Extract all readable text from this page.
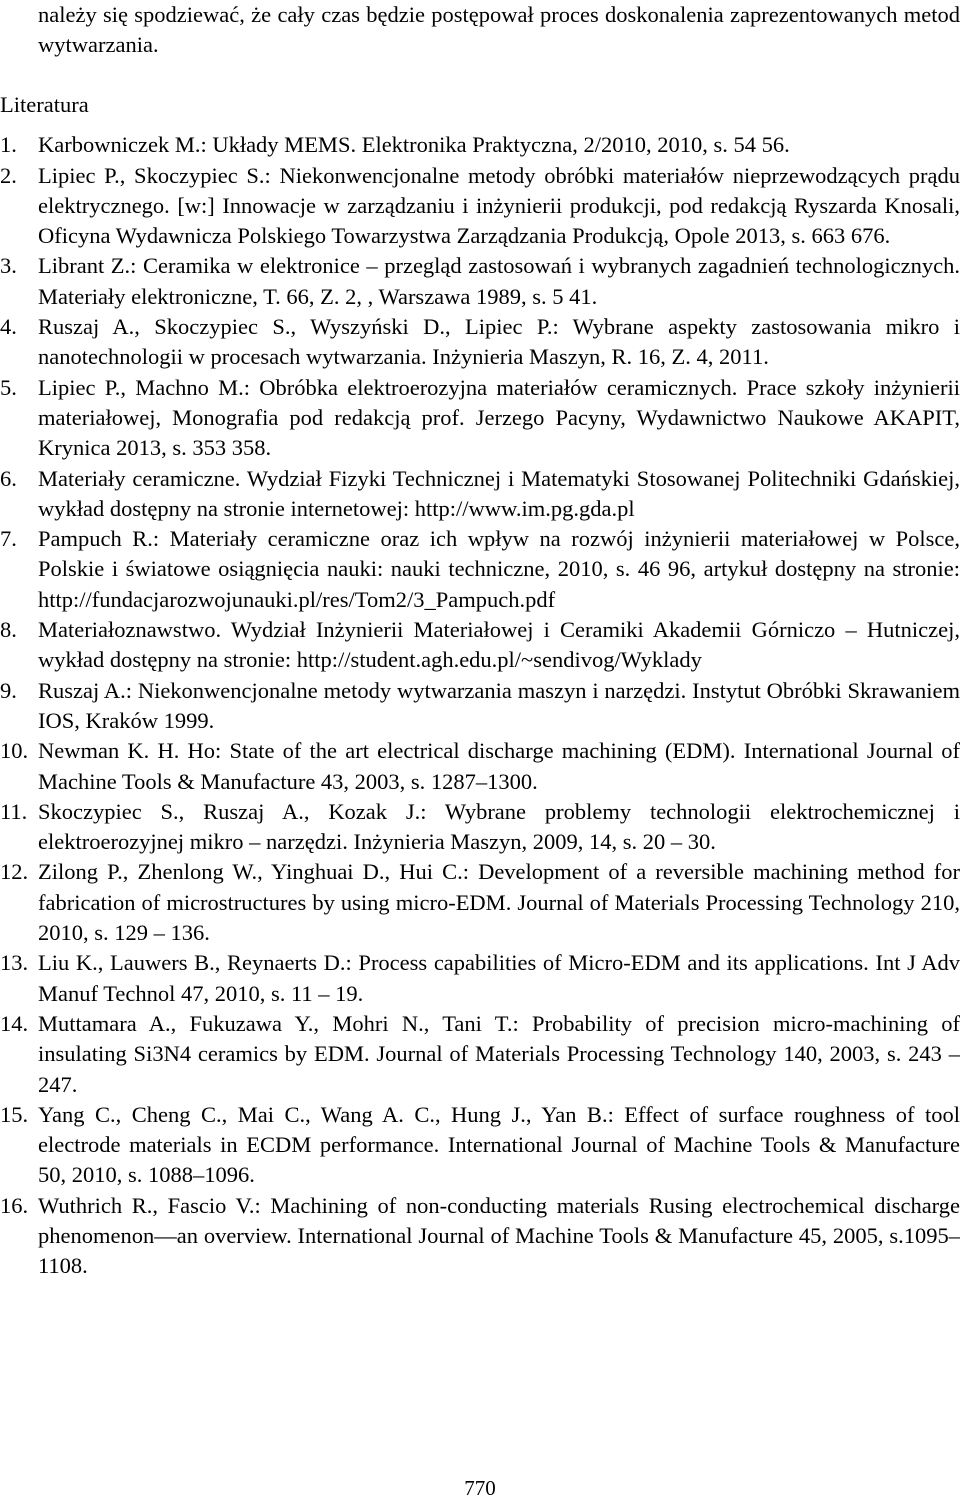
należy się spodziewać, że cały czas będzie postępował proces doskonalenia zaprezentowanych metod wytwarzania.

Literatura
1. Karbowniczek M.: Układy MEMS. Elektronika Praktyczna, 2/2010, 2010, s. 54 56.
2. Lipiec P., Skoczypiec S.: Niekonwencjonalne metody obróbki materiałów nieprzewodzących prądu elektrycznego. [w:] Innowacje w zarządzaniu i inżynierii produkcji, pod redakcją Ryszarda Knosali, Oficyna Wydawnicza Polskiego Towarzystwa Zarządzania Produkcją, Opole 2013, s. 663 676.
3. Librant Z.: Ceramika w elektronice – przegląd zastosowań i wybranych zagadnień technologicznych. Materiały elektroniczne, T. 66, Z. 2, , Warszawa 1989, s. 5 41.
4. Ruszaj A., Skoczypiec S., Wyszyński D., Lipiec P.: Wybrane aspekty zastosowania mikro i nanotechnologii w procesach wytwarzania. Inżynieria Maszyn, R. 16, Z. 4, 2011.
5. Lipiec P., Machno M.: Obróbka elektroerozyjna materiałów ceramicznych. Prace szkoły inżynierii materiałowej, Monografia pod redakcją prof. Jerzego Pacyny, Wydawnictwo Naukowe AKAPIT, Krynica 2013, s. 353 358.
6. Materiały ceramiczne. Wydział Fizyki Technicznej i Matematyki Stosowanej Politechniki Gdańskiej, wykład dostępny na stronie internetowej: http://www.im.pg.gda.pl
7. Pampuch R.: Materiały ceramiczne oraz ich wpływ na rozwój inżynierii materiałowej w Polsce, Polskie i światowe osiągnięcia nauki: nauki techniczne, 2010, s. 46 96, artykuł dostępny na stronie: http://fundacjarozwojunauki.pl/res/Tom2/3_Pampuch.pdf
8. Materiałoznawstwo. Wydział Inżynierii Materiałowej i Ceramiki Akademii Górniczo – Hutniczej, wykład dostępny na stronie: http://student.agh.edu.pl/~sendivog/Wyklady
9. Ruszaj A.: Niekonwencjonalne metody wytwarzania maszyn i narzędzi. Instytut Obróbki Skrawaniem IOS, Kraków 1999.
10. Newman K. H. Ho: State of the art electrical discharge machining (EDM). International Journal of Machine Tools & Manufacture 43, 2003, s. 1287–1300.
11. Skoczypiec S., Ruszaj A., Kozak J.: Wybrane problemy technologii elektrochemicznej i elektroerozyjnej mikro – narzędzi. Inżynieria Maszyn, 2009, 14, s. 20 – 30.
12. Zilong P., Zhenlong W., Yinghuai D., Hui C.: Development of a reversible machining method for fabrication of microstructures by using micro-EDM. Journal of Materials Processing Technology 210, 2010, s. 129 – 136.
13. Liu K., Lauwers B., Reynaerts D.: Process capabilities of Micro-EDM and its applications. Int J Adv Manuf Technol 47, 2010, s. 11 – 19.
14. Muttamara A., Fukuzawa Y., Mohri N., Tani T.: Probability of precision micro-machining of insulating Si3N4 ceramics by EDM. Journal of Materials Processing Technology 140, 2003, s. 243 – 247.
15. Yang C., Cheng C., Mai C., Wang A. C., Hung J., Yan B.: Effect of surface roughness of tool electrode materials in ECDM performance. International Journal of Machine Tools & Manufacture 50, 2010, s. 1088–1096.
16. Wuthrich R., Fascio V.: Machining of non-conducting materials Rusing electrochemical discharge phenomenon—an overview. International Journal of Machine Tools & Manufacture 45, 2005, s.1095–1108.
770
